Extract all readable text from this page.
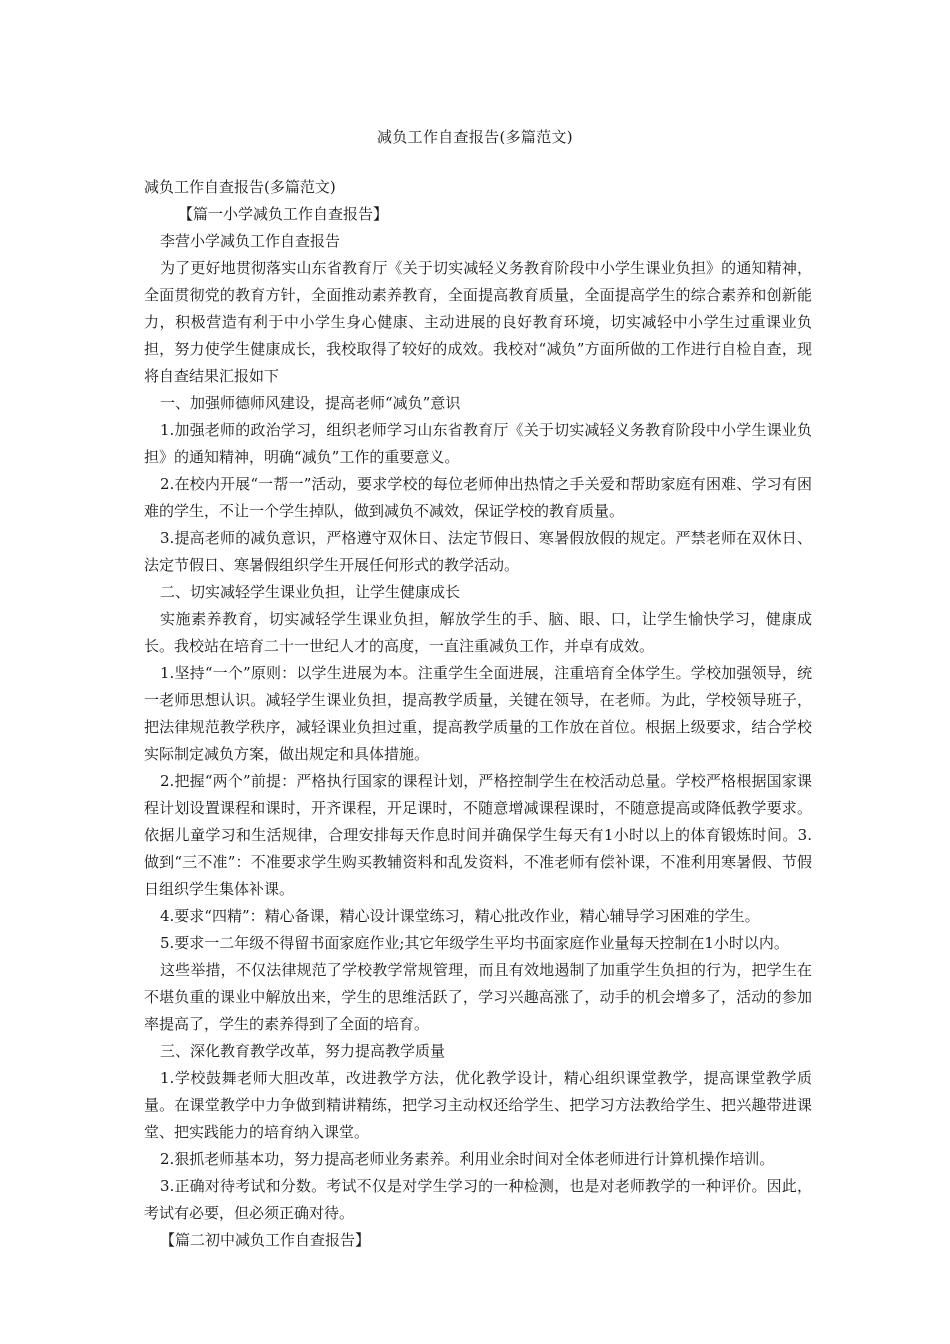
减负工作自查报告(多篇范文)

减负工作自查报告(多篇范文)

【篇一小学减负工作自查报告】

李营小学减负工作自查报告

为了更好地贯彻落实山东省教育厅《关于切实减轻义务教育阶段中小学生课业负担》的通知精神，全面贯彻党的教育方针，全面推动素养教育，全面提高教育质量，全面提高学生的综合素养和创新能力，积极营造有利于中小学生身心健康、主动进展的良好教育环境，切实减轻中小学生过重课业负担，努力使学生健康成长，我校取得了较好的成效。我校对“减负”方面所做的工作进行自检自查，现将自查结果汇报如下

一、加强师德师风建设，提高老师“减负”意识

1.加强老师的政治学习，组织老师学习山东省教育厅《关于切实减轻义务教育阶段中小学生课业负担》的通知精神，明确“减负”工作的重要意义。

2.在校内开展“一帮一”活动，要求学校的每位老师伸出热情之手关爱和帮助家庭有困难、学习有困难的学生，不让一个学生掉队，做到减负不减效，保证学校的教育质量。

3.提高老师的减负意识，严格遵守双休日、法定节假日、寒暑假放假的规定。严禁老师在双休日、法定节假日、寒暑假组织学生开展任何形式的教学活动。

二、切实减轻学生课业负担，让学生健康成长

实施素养教育，切实减轻学生课业负担，解放学生的手、脑、眼、口，让学生愉快学习，健康成长。我校站在培育二十一世纪人才的高度，一直注重减负工作，并卓有成效。

1.坚持“一个”原则：以学生进展为本。注重学生全面进展，注重培育全体学生。学校加强领导，统一老师思想认识。减轻学生课业负担，提高教学质量，关键在领导，在老师。为此，学校领导班子，把法律规范教学秩序，减轻课业负担过重，提高教学质量的工作放在首位。根据上级要求，结合学校实际制定减负方案，做出规定和具体措施。

2.把握“两个”前提：严格执行国家的课程计划，严格控制学生在校活动总量。学校严格根据国家课程计划设置课程和课时，开齐课程，开足课时，不随意增减课程课时，不随意提高或降低教学要求。依据儿童学习和生活规律，合理安排每天作息时间并确保学生每天有1小时以上的体育锻炼时间。3.做到“三不准”：不准要求学生购买教辅资料和乱发资料，不准老师有偿补课，不准利用寒暑假、节假日组织学生集体补课。

4.要求“四精”：精心备课，精心设计课堂练习，精心批改作业，精心辅导学习困难的学生。

5.要求一二年级不得留书面家庭作业;其它年级学生平均书面家庭作业量每天控制在1小时以内。

这些举措，不仅法律规范了学校教学常规管理，而且有效地遏制了加重学生负担的行为，把学生在不堪负重的课业中解放出来，学生的思维活跃了，学习兴趣高涨了，动手的机会增多了，活动的参加率提高了，学生的素养得到了全面的培育。

三、深化教育教学改革，努力提高教学质量

1.学校鼓舞老师大胆改革，改进教学方法，优化教学设计，精心组织课堂教学，提高课堂教学质量。在课堂教学中力争做到精讲精练，把学习主动权还给学生、把学习方法教给学生、把兴趣带进课堂、把实践能力的培育纳入课堂。

2.狠抓老师基本功，努力提高老师业务素养。利用业余时间对全体老师进行计算机操作培训。

3.正确对待考试和分数。考试不仅是对学生学习的一种检测，也是对老师教学的一种评价。因此，考试有必要，但必须正确对待。

【篇二初中减负工作自查报告】
